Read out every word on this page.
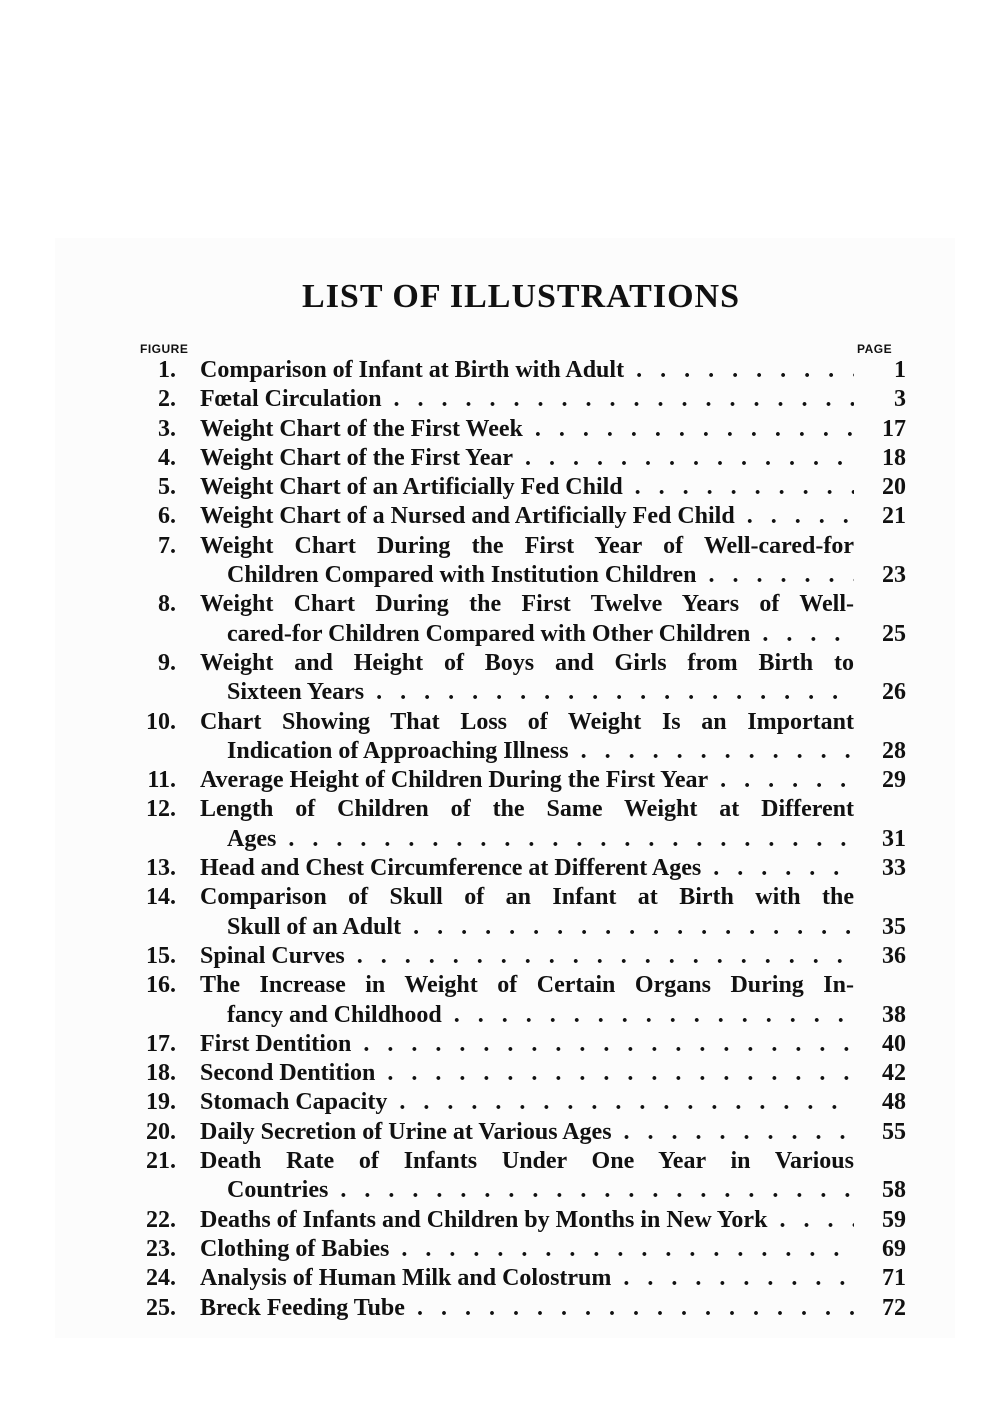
LIST OF ILLUSTRATIONS
FIGURE	PAGE
1. Comparison of Infant at Birth with Adult . . .	1
2. Fœtal Circulation . . .	3
3. Weight Chart of the First Week . . .	17
4. Weight Chart of the First Year . . .	18
5. Weight Chart of an Artificially Fed Child . . .	20
6. Weight Chart of a Nursed and Artificially Fed Child . . .	21
7. Weight Chart During the First Year of Well-cared-for
Children Compared with Institution Children . . .	23
8. Weight Chart During the First Twelve Years of Well-
cared-for Children Compared with Other Children . . .	25
9. Weight and Height of Boys and Girls from Birth to
Sixteen Years . . .	26
10. Chart Showing That Loss of Weight Is an Important
Indication of Approaching Illness . . .	28
11. Average Height of Children During the First Year . . .	29
12. Length of Children of the Same Weight at Different
Ages . . .	31
13. Head and Chest Circumference at Different Ages . . .	33
14. Comparison of Skull of an Infant at Birth with the
Skull of an Adult . . .	35
15. Spinal Curves . . .	36
16. The Increase in Weight of Certain Organs During In-
fancy and Childhood . . .	38
17. First Dentition . . .	40
18. Second Dentition . . .	42
19. Stomach Capacity . . .	48
20. Daily Secretion of Urine at Various Ages . . .	55
21. Death Rate of Infants Under One Year in Various
Countries . . .	58
22. Deaths of Infants and Children by Months in New York . . .	59
23. Clothing of Babies . . .	69
24. Analysis of Human Milk and Colostrum . . .	71
25. Breck Feeding Tube . . .	72
